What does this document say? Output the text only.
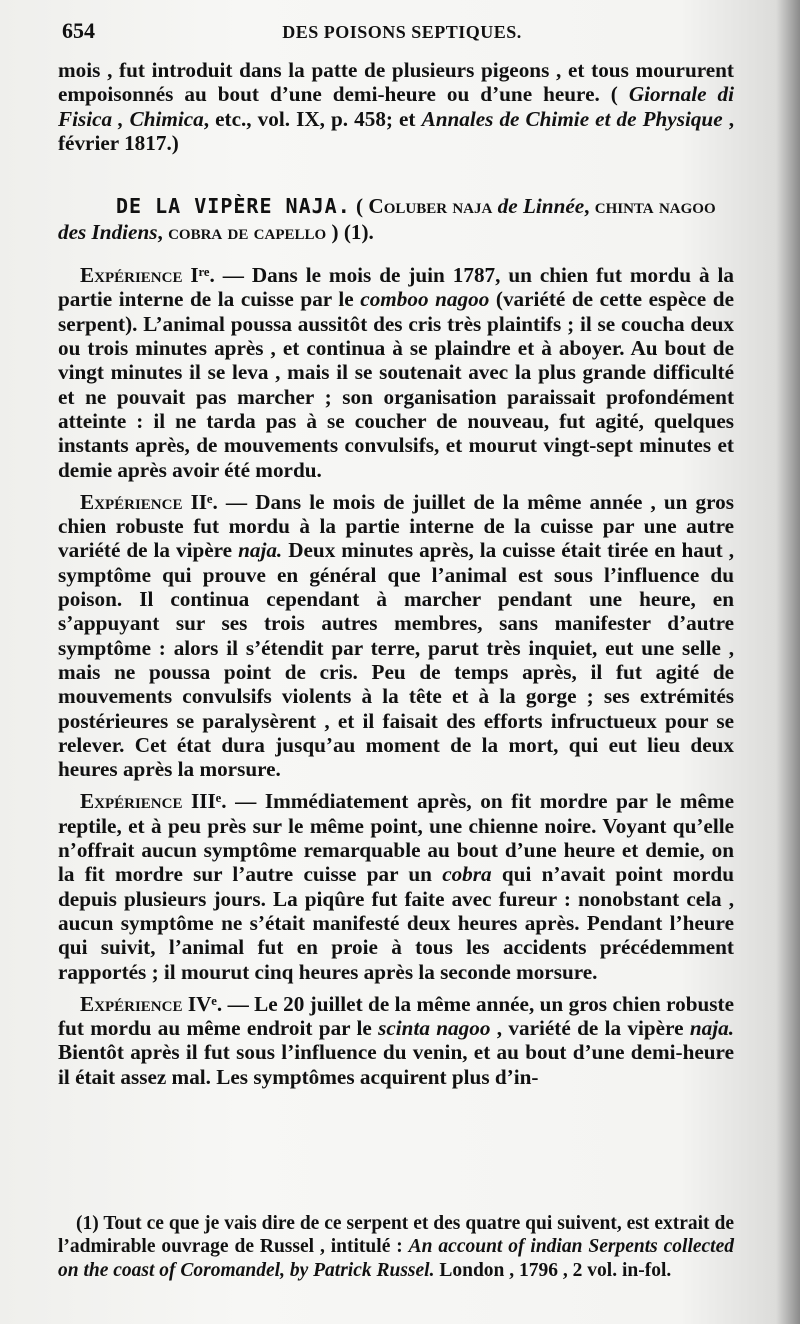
654	DES POISONS SEPTIQUES.

mois , fut introduit dans la patte de plusieurs pigeons , et tous moururent empoisonnés au bout d’une demi-heure ou d’une heure. ( Giornale di Fisica , Chimica, etc., vol. IX, p. 458; et Annales de Chimie et de Physique , février 1817.)

DE LA VIPÈRE NAJA. ( Coluber naja de Linnée, chinta nagoo
des Indiens, cobra de capello ) (1).

Expérience Iʳᵉ. — Dans le mois de juin 1787, un chien fut mordu à la partie interne de la cuisse par le comboo nagoo (variété de cette espèce de serpent). L’animal poussa aussitôt des cris très plaintifs ; il se coucha deux ou trois minutes après , et continua à se plaindre et à aboyer. Au bout de vingt minutes il se leva , mais il se soutenait avec la plus grande difficulté et ne pouvait pas marcher ; son organisation paraissait profondément atteinte : il ne tarda pas à se coucher de nouveau, fut agité, quelques instants après, de mouvements convulsifs, et mourut vingt-sept minutes et demie après avoir été mordu.

Expérience IIᵉ. — Dans le mois de juillet de la même année , un gros chien robuste fut mordu à la partie interne de la cuisse par une autre variété de la vipère naja. Deux minutes après, la cuisse était tirée en haut , symptôme qui prouve en général que l’animal est sous l’influence du poison. Il continua cependant à marcher pendant une heure, en s’appuyant sur ses trois autres membres, sans manifester d’autre symptôme : alors il s’étendit par terre, parut très inquiet, eut une selle , mais ne poussa point de cris. Peu de temps après, il fut agité de mouvements convulsifs violents à la tête et à la gorge ; ses extrémités postérieures se paralysèrent , et il faisait des efforts infructueux pour se relever. Cet état dura jusqu’au moment de la mort, qui eut lieu deux heures après la morsure.

Expérience IIIᵉ. — Immédiatement après, on fit mordre par le même reptile, et à peu près sur le même point, une chienne noire. Voyant qu’elle n’offrait aucun symptôme remarquable au bout d’une heure et demie, on la fit mordre sur l’autre cuisse par un cobra qui n’avait point mordu depuis plusieurs jours. La piqûre fut faite avec fureur : nonobstant cela , aucun symptôme ne s’était manifesté deux heures après. Pendant l’heure qui suivit, l’animal fut en proie à tous les accidents précédemment rapportés ; il mourut cinq heures après la seconde morsure.

Expérience IVᵉ. — Le 20 juillet de la même année, un gros chien robuste fut mordu au même endroit par le scinta nagoo , variété de la vipère naja. Bientôt après il fut sous l’influence du venin, et au bout d’une demi-heure il était assez mal. Les symptômes acquirent plus d’in-

(1) Tout ce que je vais dire de ce serpent et des quatre qui suivent, est extrait de l’admirable ouvrage de Russel , intitulé : An account of indian Serpents collected on the coast of Coromandel, by Patrick Russel. London , 1796 , 2 vol. in-fol.
